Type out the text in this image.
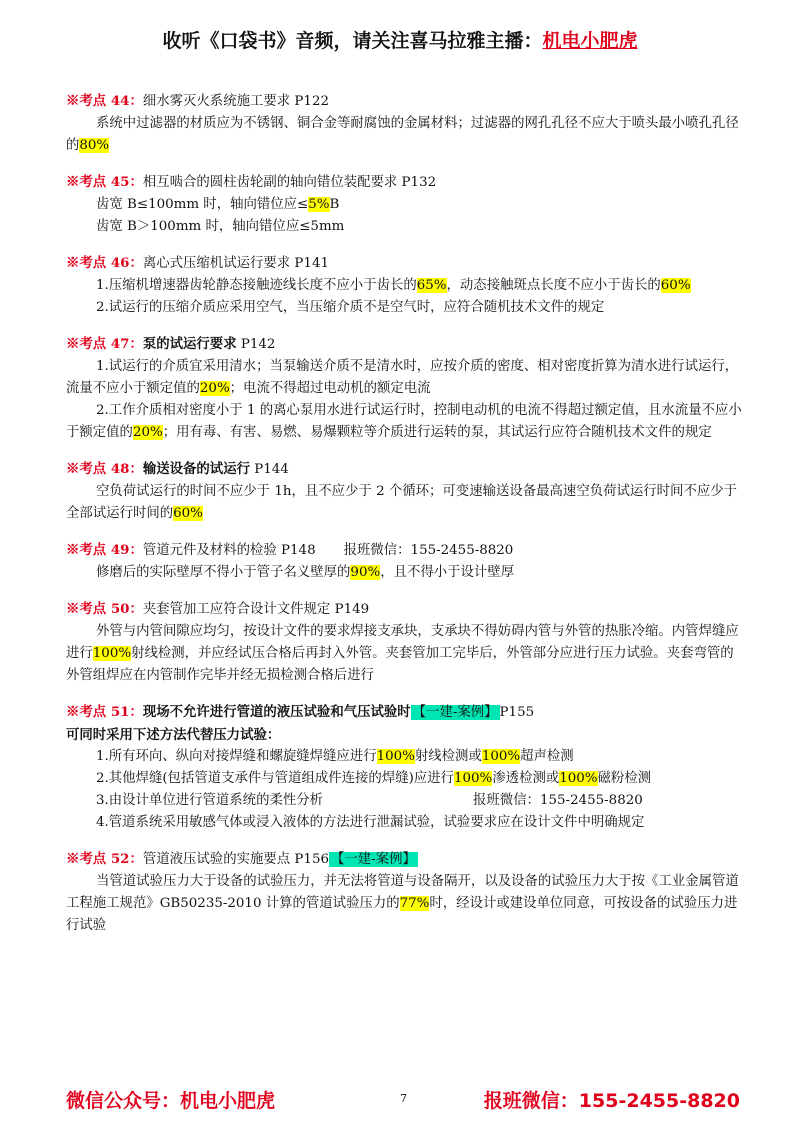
收听《口袋书》音频，请关注喜马拉雅主播：机电小肥虎
※考点 44：细水雾灭火系统施工要求 P122
系统中过滤器的材质应为不锈钢、铜合金等耐腐蚀的金属材料；过滤器的网孔孔径不应大于喷头最小喷孔孔径的80%
※考点 45：相互啮合的圆柱齿轮副的轴向错位装配要求 P132
齿宽 B≤100mm 时，轴向错位应≤5%B
齿宽 B＞100mm 时，轴向错位应≤5mm
※考点 46：离心式压缩机试运行要求 P141
1.压缩机增速器齿轮静态接触迹线长度不应小于齿长的65%，动态接触斑点长度不应小于齿长的60%
2.试运行的压缩介质应采用空气，当压缩介质不是空气时，应符合随机技术文件的规定
※考点 47：泵的试运行要求 P142
1.试运行的介质宜采用清水；当泵输送介质不是清水时，应按介质的密度、相对密度折算为清水进行试运行，流量不应小于额定值的20%；电流不得超过电动机的额定电流
2.工作介质相对密度小于 1 的离心泵用水进行试运行时，控制电动机的电流不得超过额定值，且水流量不应小于额定值的20%；用有毒、有害、易燃、易爆颗粒等介质进行运转的泵，其试运行应符合随机技术文件的规定
※考点 48：输送设备的试运行 P144
空负荷试运行的时间不应少于 1h，且不应少于 2 个循环；可变速输送设备最高速空负荷试运行时间不应少于全部试运行时间的60%
※考点 49：管道元件及材料的检验 P148 报班微信：155-2455-8820
修磨后的实际壁厚不得小于管子名义壁厚的90%，且不得小于设计壁厚
※考点 50：夹套管加工应符合设计文件规定 P149
外管与内管间隙应均匀，按设计文件的要求焊接支承块，支承块不得妨碍内管与外管的热胀冷缩。内管焊缝应进行100%射线检测，并应经试压合格后再封入外管。夹套管加工完毕后，外管部分应进行压力试验。夹套弯管的外管组焊应在内管制作完毕并经无损检测合格后进行
※考点 51：现场不允许进行管道的液压试验和气压试验时 【一建-案例】 P155
可同时采用下述方法代替压力试验：
1.所有环向、纵向对接焊缝和螺旋缝焊缝应进行100%射线检测或100%超声检测
2.其他焊缝(包括管道支承件与管道组成件连接的焊缝)应进行100%渗透检测或100%磁粉检测
3.由设计单位进行管道系统的柔性分析	报班微信：155-2455-8820
4.管道系统采用敏感气体或浸入液体的方法进行泄漏试验，试验要求应在设计文件中明确规定
※考点 52：管道液压试验的实施要点 P156 【一建-案例】
当管道试验压力大于设备的试验压力，并无法将管道与设备隔开，以及设备的试验压力大于按《工业金属管道工程施工规范》GB50235-2010 计算的管道试验压力的77%时，经设计或建设单位同意，可按设备的试验压力进行试验
微信公众号：机电小肥虎	7	报班微信：155-2455-8820
